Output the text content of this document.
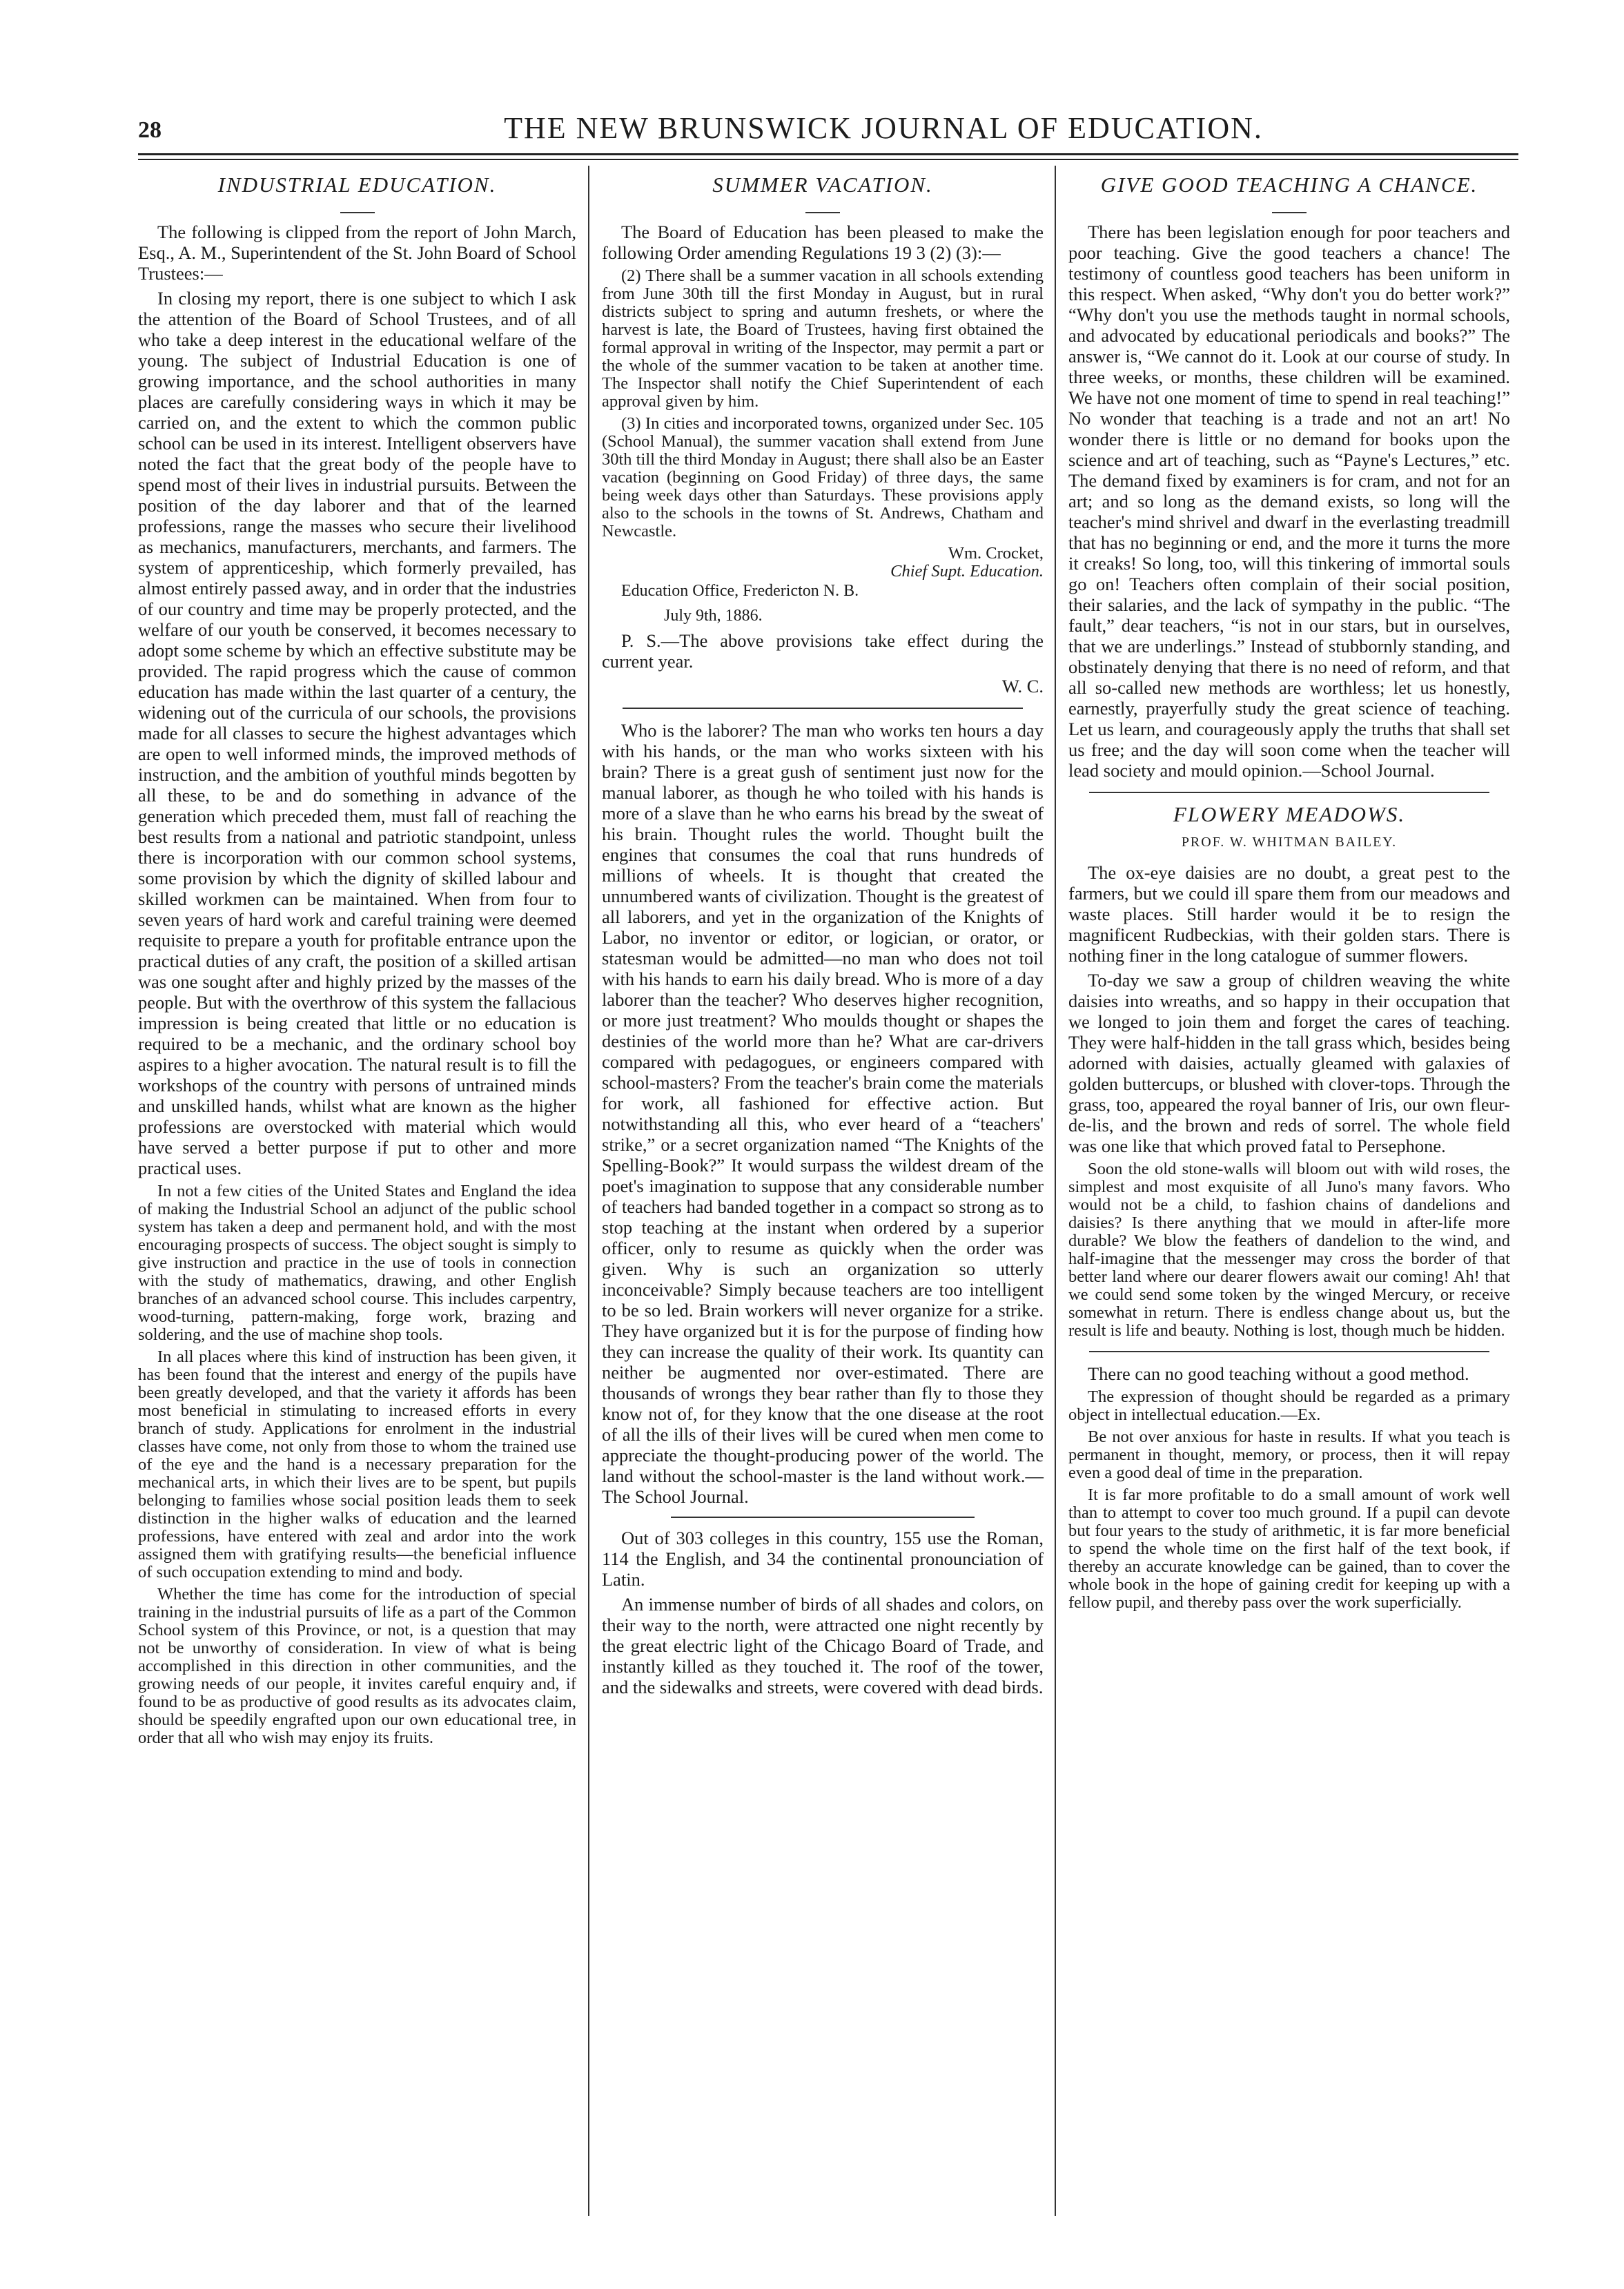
28	THE NEW BRUNSWICK JOURNAL OF EDUCATION.
INDUSTRIAL EDUCATION.

The following is clipped from the report of John March, Esq., A. M., Superintendent of the St. John Board of School Trustees:—

In closing my report, there is one subject to which I ask the attention of the Board of School Trustees, and of all who take a deep interest in the educational welfare of the young. The subject of Industrial Education is one of growing importance, and the school authorities in many places are carefully considering ways in which it may be carried on, and the extent to which the common public school can be used in its interest. Intelligent observers have noted the fact that the great body of the people have to spend most of their lives in industrial pursuits. Between the position of the day laborer and that of the learned professions, range the masses who secure their livelihood as mechanics, manufacturers, merchants, and farmers. The system of apprenticeship, which formerly prevailed, has almost entirely passed away, and in order that the industries of our country and time may be properly protected, and the welfare of our youth be conserved, it becomes necessary to adopt some scheme by which an effective substitute may be provided. The rapid progress which the cause of common education has made within the last quarter of a century, the widening out of the curricula of our schools, the provisions made for all classes to secure the highest advantages which are open to well informed minds, the improved methods of instruction, and the ambition of youthful minds begotten by all these, to be and do something in advance of the generation which preceded them, must fall of reaching the best results from a national and patriotic standpoint, unless there is incorporation with our common school systems, some provision by which the dignity of skilled labour and skilled workmen can be maintained. When from four to seven years of hard work and careful training were deemed requisite to prepare a youth for profitable entrance upon the practical duties of any craft, the position of a skilled artisan was one sought after and highly prized by the masses of the people. But with the overthrow of this system the fallacious impression is being created that little or no education is required to be a mechanic, and the ordinary school boy aspires to a higher avocation. The natural result is to fill the workshops of the country with persons of untrained minds and unskilled hands, whilst what are known as the higher professions are overstocked with material which would have served a better purpose if put to other and more practical uses.

In not a few cities of the United States and England the idea of making the Industrial School an adjunct of the public school system has taken a deep and permanent hold, and with the most encouraging prospects of success. The object sought is simply to give instruction and practice in the use of tools in connection with the study of mathematics, drawing, and other English branches of an advanced school course. This includes carpentry, wood-turning, pattern-making, forge work, brazing and soldering, and the use of machine shop tools.

In all places where this kind of instruction has been given, it has been found that the interest and energy of the pupils have been greatly developed, and that the variety it affords has been most beneficial in stimulating to increased efforts in every branch of study. Applications for enrolment in the industrial classes have come, not only from those to whom the trained use of the eye and the hand is a necessary preparation for the mechanical arts, in which their lives are to be spent, but pupils belonging to families whose social position leads them to seek distinction in the higher walks of education and the learned professions, have entered with zeal and ardor into the work assigned them with gratifying results—the beneficial influence of such occupation extending to mind and body.

Whether the time has come for the introduction of special training in the industrial pursuits of life as a part of the Common School system of this Province, or not, is a question that may not be unworthy of consideration. In view of what is being accomplished in this direction in other communities, and the growing needs of our people, it invites careful enquiry and, if found to be as productive of good results as its advocates claim, should be speedily engrafted upon our own educational tree, in order that all who wish may enjoy its fruits.

SUMMER VACATION.

The Board of Education has been pleased to make the following Order amending Regulations 19 3 (2) (3):—

(2) There shall be a summer vacation in all schools extending from June 30th till the first Monday in August, but in rural districts subject to spring and autumn freshets, or where the harvest is late, the Board of Trustees, having first obtained the formal approval in writing of the Inspector, may permit a part or the whole of the summer vacation to be taken at another time. The Inspector shall notify the Chief Superintendent of each approval given by him.

(3) In cities and incorporated towns, organized under Sec. 105 (School Manual), the summer vacation shall extend from June 30th till the third Monday in August; there shall also be an Easter vacation (beginning on Good Friday) of three days, the same being week days other than Saturdays. These provisions apply also to the schools in the towns of St. Andrews, Chatham and Newcastle.

Wm. Crocket,

Chief Supt. Education.

Education Office, Fredericton N. B.

July 9th, 1886.

P. S.—The above provisions take effect during the current year.

W. C.

Who is the laborer? The man who works ten hours a day with his hands, or the man who works sixteen with his brain? There is a great gush of sentiment just now for the manual laborer, as though he who toiled with his hands is more of a slave than he who earns his bread by the sweat of his brain. Thought rules the world. Thought built the engines that consumes the coal that runs hundreds of millions of wheels. It is thought that created the unnumbered wants of civilization. Thought is the greatest of all laborers, and yet in the organization of the Knights of Labor, no inventor or editor, or logician, or orator, or statesman would be admitted—no man who does not toil with his hands to earn his daily bread. Who is more of a day laborer than the teacher? Who deserves higher recognition, or more just treatment? Who moulds thought or shapes the destinies of the world more than he? What are car-drivers compared with pedagogues, or engineers compared with school-masters? From the teacher's brain come the materials for work, all fashioned for effective action. But notwithstanding all this, who ever heard of a “teachers' strike,” or a secret organization named “The Knights of the Spelling-Book?” It would surpass the wildest dream of the poet's imagination to suppose that any considerable number of teachers had banded together in a compact so strong as to stop teaching at the instant when ordered by a superior officer, only to resume as quickly when the order was given. Why is such an organization so utterly inconceivable? Simply because teachers are too intelligent to be so led. Brain workers will never organize for a strike. They have organized but it is for the purpose of finding how they can increase the quality of their work. Its quantity can neither be augmented nor over-estimated. There are thousands of wrongs they bear rather than fly to those they know not of, for they know that the one disease at the root of all the ills of their lives will be cured when men come to appreciate the thought-producing power of the world. The land without the school-master is the land without work.—The School Journal.

Out of 303 colleges in this country, 155 use the Roman, 114 the English, and 34 the continental pronounciation of Latin.

An immense number of birds of all shades and colors, on their way to the north, were attracted one night recently by the great electric light of the Chicago Board of Trade, and instantly killed as they touched it. The roof of the tower, and the sidewalks and streets, were covered with dead birds.

GIVE GOOD TEACHING A CHANCE.

There has been legislation enough for poor teachers and poor teaching. Give the good teachers a chance! The testimony of countless good teachers has been uniform in this respect. When asked, “Why don't you do better work?” “Why don't you use the methods taught in normal schools, and advocated by educational periodicals and books?” The answer is, “We cannot do it. Look at our course of study. In three weeks, or months, these children will be examined. We have not one moment of time to spend in real teaching!” No wonder that teaching is a trade and not an art! No wonder there is little or no demand for books upon the science and art of teaching, such as “Payne's Lectures,” etc. The demand fixed by examiners is for cram, and not for an art; and so long as the demand exists, so long will the teacher's mind shrivel and dwarf in the everlasting treadmill that has no beginning or end, and the more it turns the more it creaks! So long, too, will this tinkering of immortal souls go on! Teachers often complain of their social position, their salaries, and the lack of sympathy in the public. “The fault,” dear teachers, “is not in our stars, but in ourselves, that we are underlings.” Instead of stubbornly standing, and obstinately denying that there is no need of reform, and that all so-called new methods are worthless; let us honestly, earnestly, prayerfully study the great science of teaching. Let us learn, and courageously apply the truths that shall set us free; and the day will soon come when the teacher will lead society and mould opinion.—School Journal.

FLOWERY MEADOWS.
PROF. W. WHITMAN BAILEY.

The ox-eye daisies are no doubt, a great pest to the farmers, but we could ill spare them from our meadows and waste places. Still harder would it be to resign the magnificent Rudbeckias, with their golden stars. There is nothing finer in the long catalogue of summer flowers.

To-day we saw a group of children weaving the white daisies into wreaths, and so happy in their occupation that we longed to join them and forget the cares of teaching. They were half-hidden in the tall grass which, besides being adorned with daisies, actually gleamed with galaxies of golden buttercups, or blushed with clover-tops. Through the grass, too, appeared the royal banner of Iris, our own fleur-de-lis, and the brown and reds of sorrel. The whole field was one like that which proved fatal to Persephone.

Soon the old stone-walls will bloom out with wild roses, the simplest and most exquisite of all Juno's many favors. Who would not be a child, to fashion chains of dandelions and daisies? Is there anything that we mould in after-life more durable? We blow the feathers of dandelion to the wind, and half-imagine that the messenger may cross the border of that better land where our dearer flowers await our coming! Ah! that we could send some token by the winged Mercury, or receive somewhat in return. There is endless change about us, but the result is life and beauty. Nothing is lost, though much be hidden.

There can no good teaching without a good method.

The expression of thought should be regarded as a primary object in intellectual education.—Ex.

Be not over anxious for haste in results. If what you teach is permanent in thought, memory, or process, then it will repay even a good deal of time in the preparation.

It is far more profitable to do a small amount of work well than to attempt to cover too much ground. If a pupil can devote but four years to the study of arithmetic, it is far more beneficial to spend the whole time on the first half of the text book, if thereby an accurate knowledge can be gained, than to cover the whole book in the hope of gaining credit for keeping up with a fellow pupil, and thereby pass over the work superficially.
